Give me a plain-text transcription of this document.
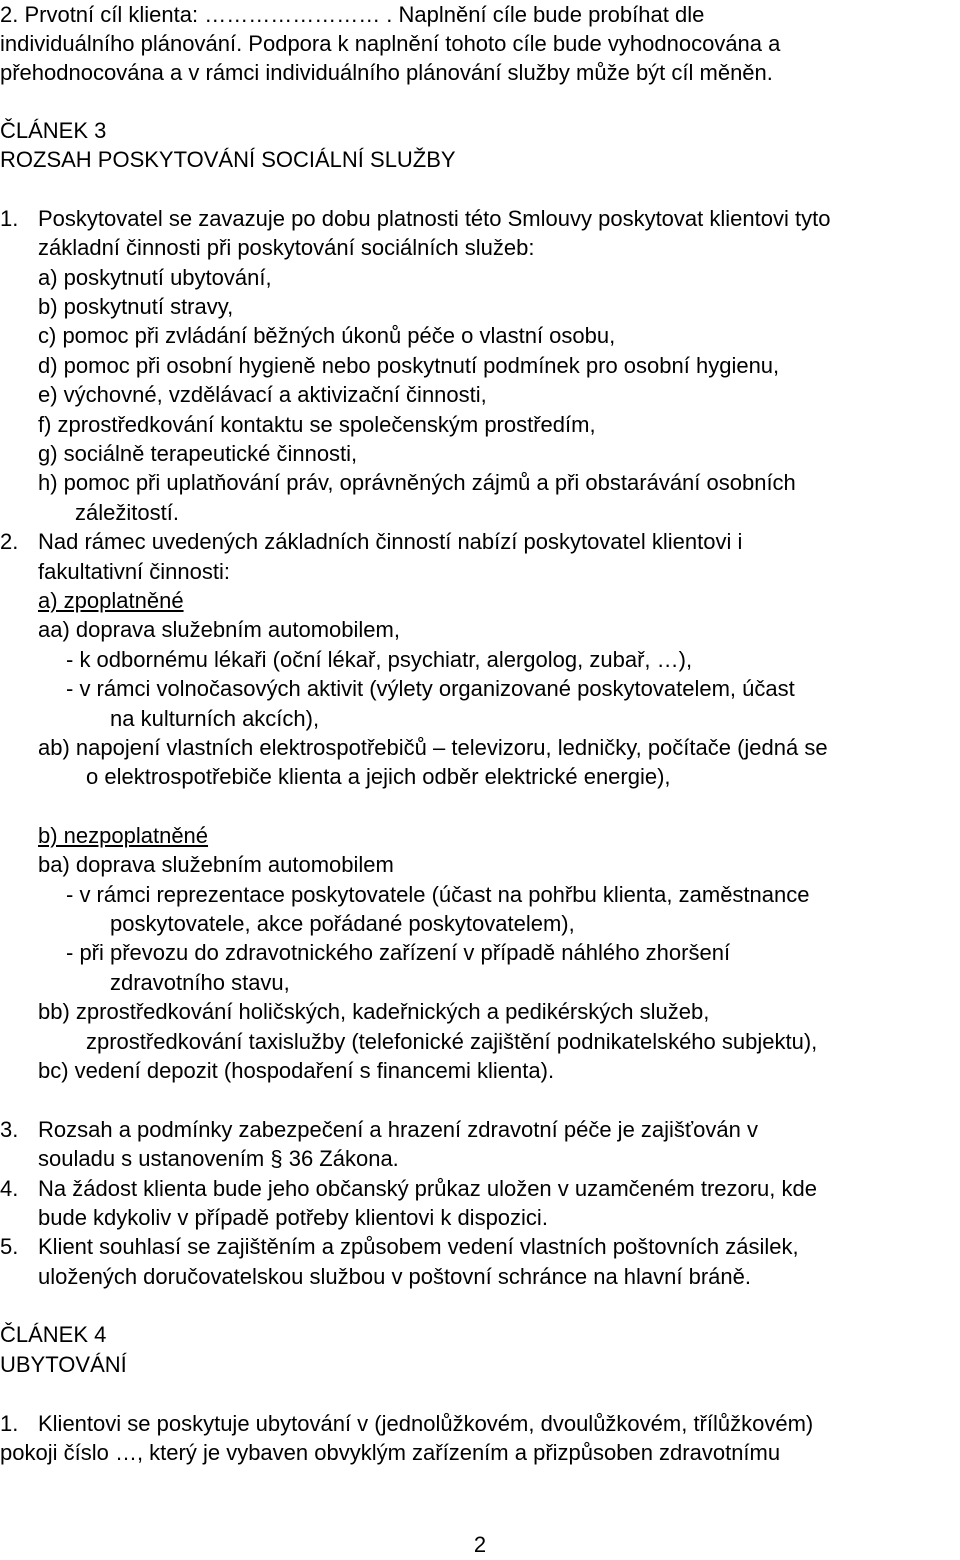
2. Prvotní cíl klienta: …………………… . Naplnění cíle bude probíhat dle
individuálního plánování. Podpora k naplnění tohoto cíle bude vyhodnocována a
přehodnocována a v rámci individuálního plánování služby může být cíl měněn.
ČLÁNEK 3
ROZSAH POSKYTOVÁNÍ SOCIÁLNÍ SLUŽBY
1. Poskytovatel se zavazuje po dobu platnosti této Smlouvy poskytovat klientovi tyto
základní činnosti při poskytování sociálních služeb:
a) poskytnutí ubytování,
b) poskytnutí stravy,
c) pomoc při zvládání běžných úkonů péče o vlastní osobu,
d) pomoc při osobní hygieně nebo poskytnutí podmínek pro osobní hygienu,
e) výchovné, vzdělávací a aktivizační činnosti,
f) zprostředkování kontaktu se společenským prostředím,
g) sociálně terapeutické činnosti,
h) pomoc při uplatňování práv, oprávněných zájmů a při obstarávání osobních
záležitostí.
2. Nad rámec uvedených základních činností nabízí poskytovatel klientovi i
fakultativní činnosti:
a) zpoplatněné
aa) doprava služebním automobilem,
- k odbornému lékaři (oční lékař, psychiatr, alergolog, zubař, …),
- v rámci volnočasových aktivit (výlety organizované poskytovatelem, účast
na kulturních akcích),
ab) napojení vlastních elektrospotřebičů – televizoru, ledničky, počítače (jedná se
o elektrospotřebiče klienta a jejich odběr elektrické energie),
b) nezpoplatněné
ba) doprava služebním automobilem
- v rámci reprezentace poskytovatele (účast na pohřbu klienta, zaměstnance
poskytovatele, akce pořádané poskytovatelem),
- při převozu do zdravotnického zařízení v případě náhlého zhoršení
zdravotního stavu,
bb) zprostředkování holičských, kadeřnických a pedikérských služeb,
zprostředkování taxislužby (telefonické zajištění podnikatelského subjektu),
bc) vedení depozit (hospodaření s financemi klienta).
3. Rozsah a podmínky zabezpečení a hrazení zdravotní péče je zajišťován v
souladu s ustanovením § 36 Zákona.
4. Na žádost klienta bude jeho občanský průkaz uložen v uzamčeném trezoru, kde
bude kdykoliv v případě potřeby klientovi k dispozici.
5. Klient souhlasí se zajištěním a způsobem vedení vlastních poštovních zásilek,
uložených doručovatelskou službou v poštovní schránce na hlavní bráně.
ČLÁNEK 4
UBYTOVÁNÍ
1. Klientovi se poskytuje ubytování v (jednolůžkovém, dvoulůžkovém, třílůžkovém)
pokoji číslo …, který je vybaven obvyklým zařízením a přizpůsoben zdravotnímu
2
